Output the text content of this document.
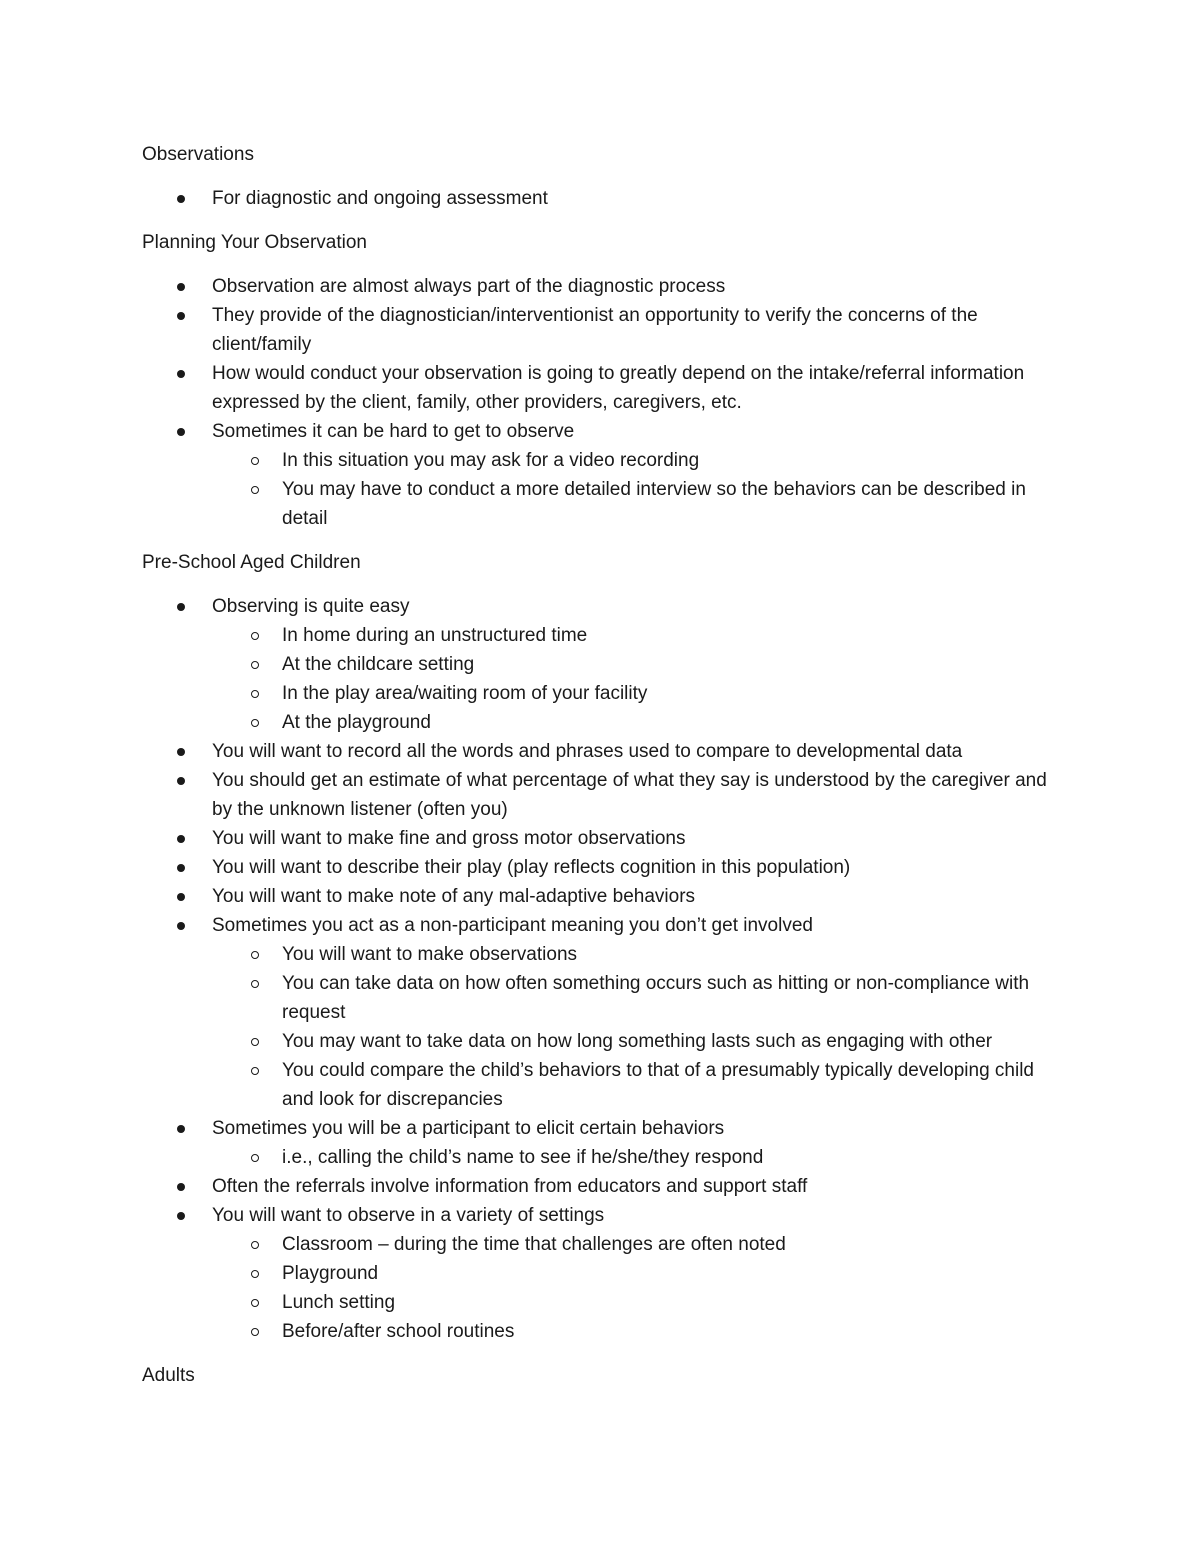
Observations
For diagnostic and ongoing assessment
Planning Your Observation
Observation are almost always part of the diagnostic process
They provide of the diagnostician/interventionist an opportunity to verify the concerns of the client/family
How would conduct your observation is going to greatly depend on the intake/referral information expressed by the client, family, other providers, caregivers, etc.
Sometimes it can be hard to get to observe
In this situation you may ask for a video recording
You may have to conduct a more detailed interview so the behaviors can be described in detail
Pre-School Aged Children
Observing is quite easy
In home during an unstructured time
At the childcare setting
In the play area/waiting room of your facility
At the playground
You will want to record all the words and phrases used to compare to developmental data
You should get an estimate of what percentage of what they say is understood by the caregiver and by the unknown listener (often you)
You will want to make fine and gross motor observations
You will want to describe their play (play reflects cognition in this population)
You will want to make note of any mal-adaptive behaviors
Sometimes you act as a non-participant meaning you don’t get involved
You will want to make observations
You can take data on how often something occurs such as hitting or non-compliance with request
You may want to take data on how long something lasts such as engaging with other
You could compare the child’s behaviors to that of a presumably typically developing child and look for discrepancies
Sometimes you will be a participant to elicit certain behaviors
i.e., calling the child’s name to see if he/she/they respond
Often the referrals involve information from educators and support staff
You will want to observe in a variety of settings
Classroom – during the time that challenges are often noted
Playground
Lunch setting
Before/after school routines
Adults
